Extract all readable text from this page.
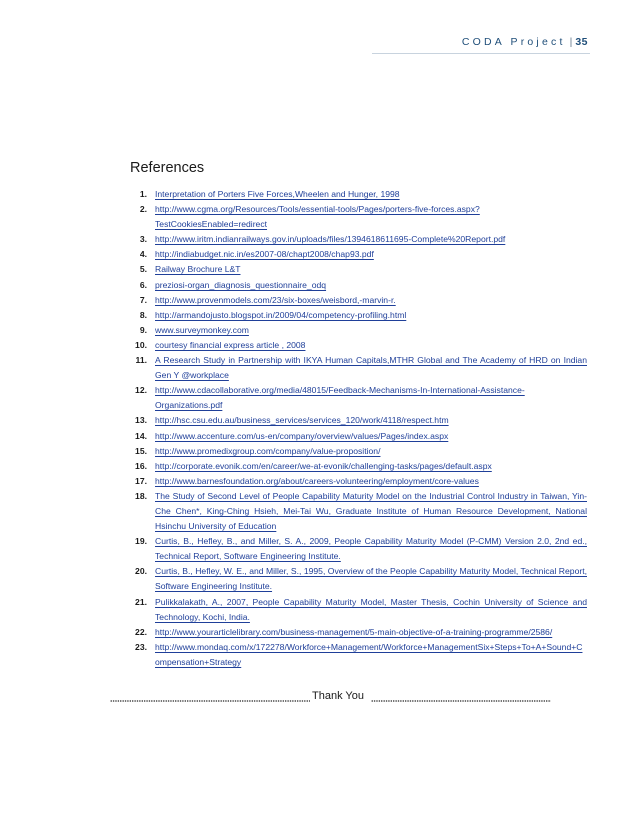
CODA Project | 35
References
1. Interpretation of Porters Five Forces,Wheelen and Hunger, 1998
2. http://www.cgma.org/Resources/Tools/essential-tools/Pages/porters-five-forces.aspx?TestCookiesEnabled=redirect
3. http://www.iritm.indianrailways.gov.in/uploads/files/1394618611695-Complete%20Report.pdf
4. http://indiabudget.nic.in/es2007-08/chapt2008/chap93.pdf
5. Railway Brochure L&T
6. preziosi-organ_diagnosis_questionnaire_odq
7. http://www.provenmodels.com/23/six-boxes/weisbord,-marvin-r.
8. http://armandojusto.blogspot.in/2009/04/competency-profiling.html
9. www.surveymonkey.com
10. courtesy financial express article , 2008
11. A Research Study in Partnership with IKYA Human Capitals,MTHR Global and The Academy of HRD on Indian Gen Y @workplace
12. http://www.cdacollaborative.org/media/48015/Feedback-Mechanisms-In-International-Assistance-Organizations.pdf
13. http://hsc.csu.edu.au/business_services/services_120/work/4118/respect.htm
14. http://www.accenture.com/us-en/company/overview/values/Pages/index.aspx
15. http://www.promedixgroup.com/company/value-proposition/
16. http://corporate.evonik.com/en/career/we-at-evonik/challenging-tasks/pages/default.aspx
17. http://www.barnesfoundation.org/about/careers-volunteering/employment/core-values
18. The Study of Second Level of People Capability Maturity Model on the Industrial Control Industry in Taiwan, Yin-Che Chen*, King-Ching Hsieh, Mei-Tai Wu, Graduate Institute of Human Resource Development, National Hsinchu University of Education
19. Curtis, B., Hefley, B., and Miller, S. A., 2009, People Capability Maturity Model (P-CMM) Version 2.0, 2nd ed., Technical Report, Software Engineering Institute.
20. Curtis, B., Hefley, W. E., and Miller, S., 1995, Overview of the People Capability Maturity Model, Technical Report, Software Engineering Institute.
21. Pulikkalakath, A., 2007, People Capability Maturity Model, Master Thesis, Cochin University of Science and Technology, Kochi, India.
22. http://www.yourarticlelibrary.com/business-management/5-main-objective-of-a-training-programme/2586/
23. http://www.mondaq.com/x/172278/Workforce+Management/Workforce+ManagementSix+Steps+To+A+Sound+Compensation+Strategy
Thank You
